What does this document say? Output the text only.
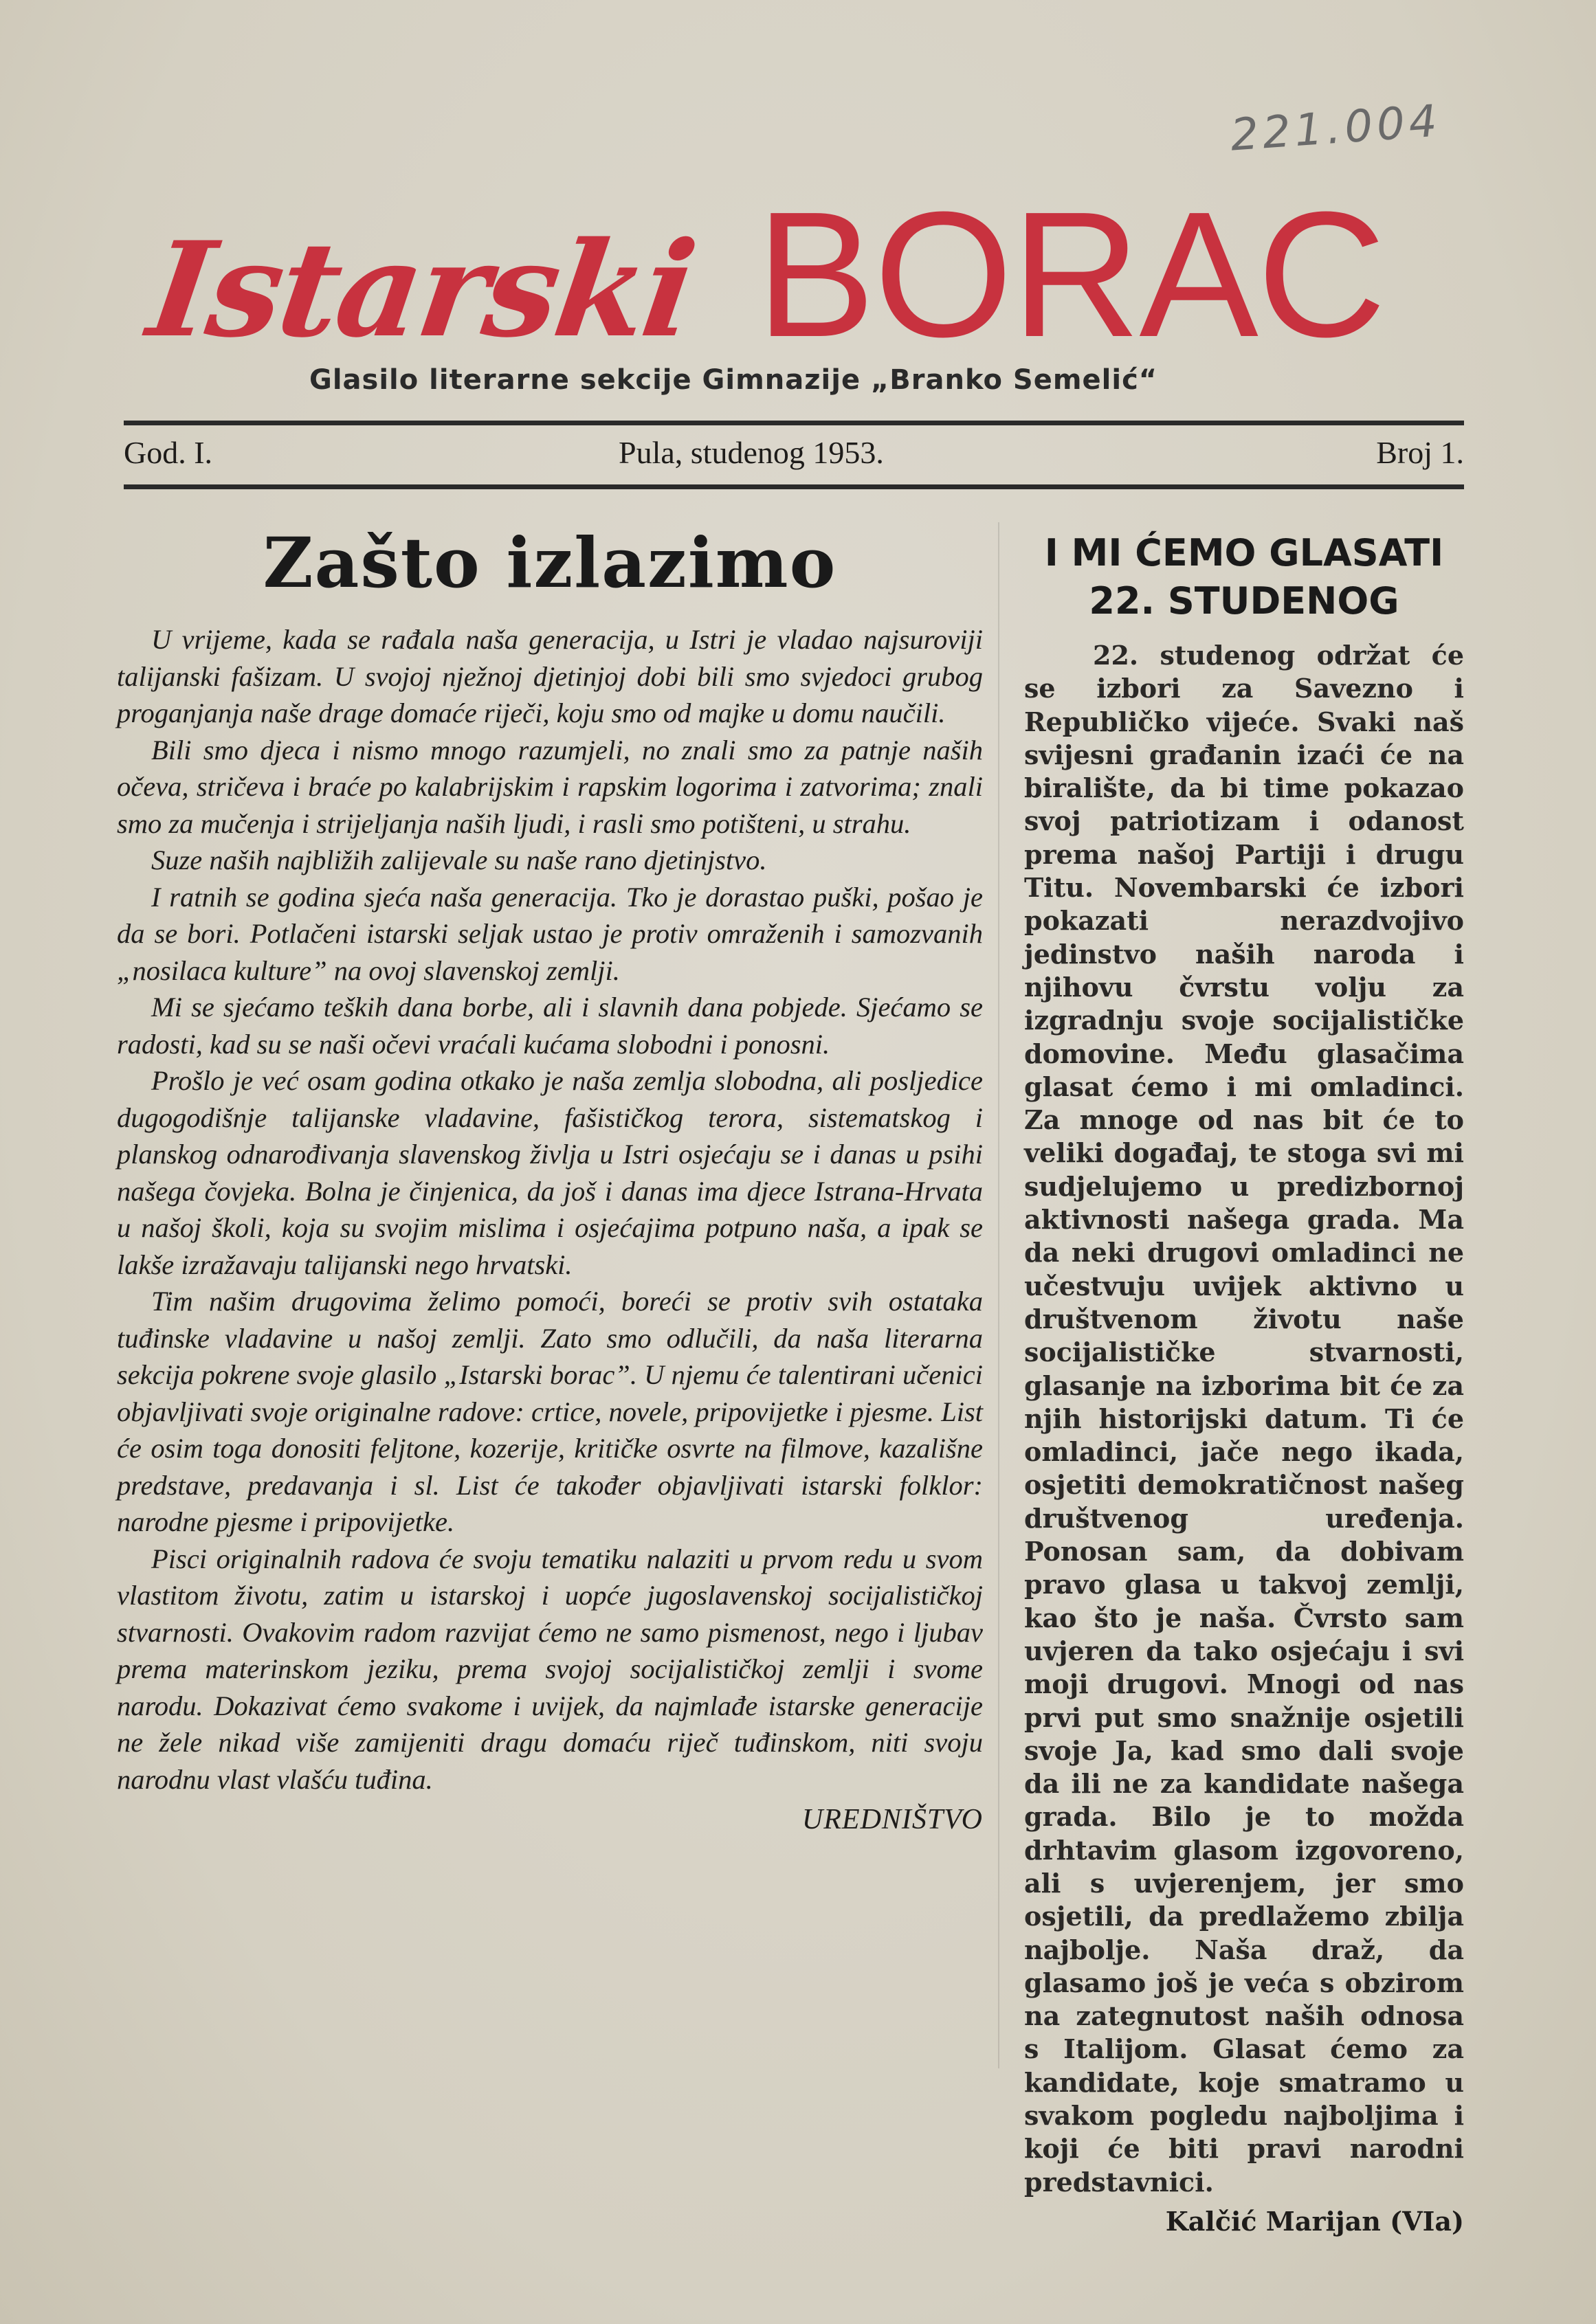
221.004
Istarski BORAC
Glasilo literarne sekcije Gimnazije „Branko Semelić“
God. I.	Pula, studenog 1953.	Broj 1.
Zašto izlazimo

U vrijeme, kada se rađala naša generacija, u Istri je vladao najsuroviji talijanski fašizam. U svojoj nježnoj djetinjoj dobi bili smo svjedoci grubog proganjanja naše drage domaće riječi, koju smo od majke u domu naučili.

Bili smo djeca i nismo mnogo razumjeli, no znali smo za patnje naših očeva, stričeva i braće po kalabrijskim i rapskim logorima i zatvorima; znali smo za mučenja i strijeljanja naših ljudi, i rasli smo potišteni, u strahu.

Suze naših najbližih zalijevale su naše rano djetinjstvo.

I ratnih se godina sjeća naša generacija. Tko je dorastao puški, pošao je da se bori. Potlačeni istarski seljak ustao je protiv omraženih i samozvanih „nosilaca kulture” na ovoj slavenskoj zemlji.

Mi se sjećamo teških dana borbe, ali i slavnih dana pobjede. Sjećamo se radosti, kad su se naši očevi vraćali kućama slobodni i ponosni.

Prošlo je već osam godina otkako je naša zemlja slobodna, ali posljedice dugogodišnje talijanske vladavine, fašističkog terora, sistematskog i planskog odnarođivanja slavenskog življa u Istri osjećaju se i danas u psihi našega čovjeka. Bolna je činjenica, da još i danas ima djece Istrana-Hrvata u našoj školi, koja su svojim mislima i osjećajima potpuno naša, a ipak se lakše izražavaju talijanski nego hrvatski.

Tim našim drugovima želimo pomoći, boreći se protiv svih ostataka tuđinske vladavine u našoj zemlji. Zato smo odlučili, da naša literarna sekcija pokrene svoje glasilo „Istarski borac”. U njemu će talentirani učenici objavljivati svoje originalne radove: crtice, novele, pripovijetke i pjesme. List će osim toga donositi feljtone, kozerije, kritičke osvrte na filmove, kazališne predstave, predavanja i sl. List će također objavljivati istarski folklor: narodne pjesme i pripovijetke.

Pisci originalnih radova će svoju tematiku nalaziti u prvom redu u svom vlastitom životu, zatim u istarskoj i uopće jugoslavenskoj socijalističkoj stvarnosti. Ovakovim radom razvijat ćemo ne samo pismenost, nego i ljubav prema materinskom jeziku, prema svojoj socijalističkoj zemlji i svome narodu. Dokazivat ćemo svakome i uvijek, da najmlađe istarske generacije ne žele nikad više zamijeniti dragu domaću riječ tuđinskom, niti svoju narodnu vlast vlašću tuđina.

UREDNIŠTVO
I MI ĆEMO GLASATI
22. STUDENOG

22. studenog održat će se izbori za Savezno i Republičko vijeće. Svaki naš svijesni građanin izaći će na biralište, da bi time pokazao svoj patriotizam i odanost prema našoj Partiji i drugu Titu. Novembarski će izbori pokazati nerazdvojivo jedinstvo naših naroda i njihovu čvrstu volju za izgradnju svoje socijalističke domovine. Među glasačima glasat ćemo i mi omladinci. Za mnoge od nas bit će to veliki događaj, te stoga svi mi sudjelujemo u predizbornoj aktivnosti našega grada. Ma da neki drugovi omladinci ne učestvuju uvijek aktivno u društvenom životu naše socijalističke stvarnosti, glasanje na izborima bit će za njih historijski datum. Ti će omladinci, jače nego ikada, osjetiti demokratičnost našeg društvenog uređenja. Ponosan sam, da dobivam pravo glasa u takvoj zemlji, kao što je naša. Čvrsto sam uvjeren da tako osjećaju i svi moji drugovi. Mnogi od nas prvi put smo snažnije osjetili svoje Ja, kad smo dali svoje da ili ne za kandidate našega grada. Bilo je to možda drhtavim glasom izgovoreno, ali s uvjerenjem, jer smo osjetili, da predlažemo zbilja najbolje. Naša draž, da glasamo još je veća s obzirom na zategnutost naših odnosa s Italijom. Glasat ćemo za kandidate, koje smatramo u svakom pogledu najboljima i koji će biti pravi narodni predstavnici.

Kalčić Marijan (VIa)
